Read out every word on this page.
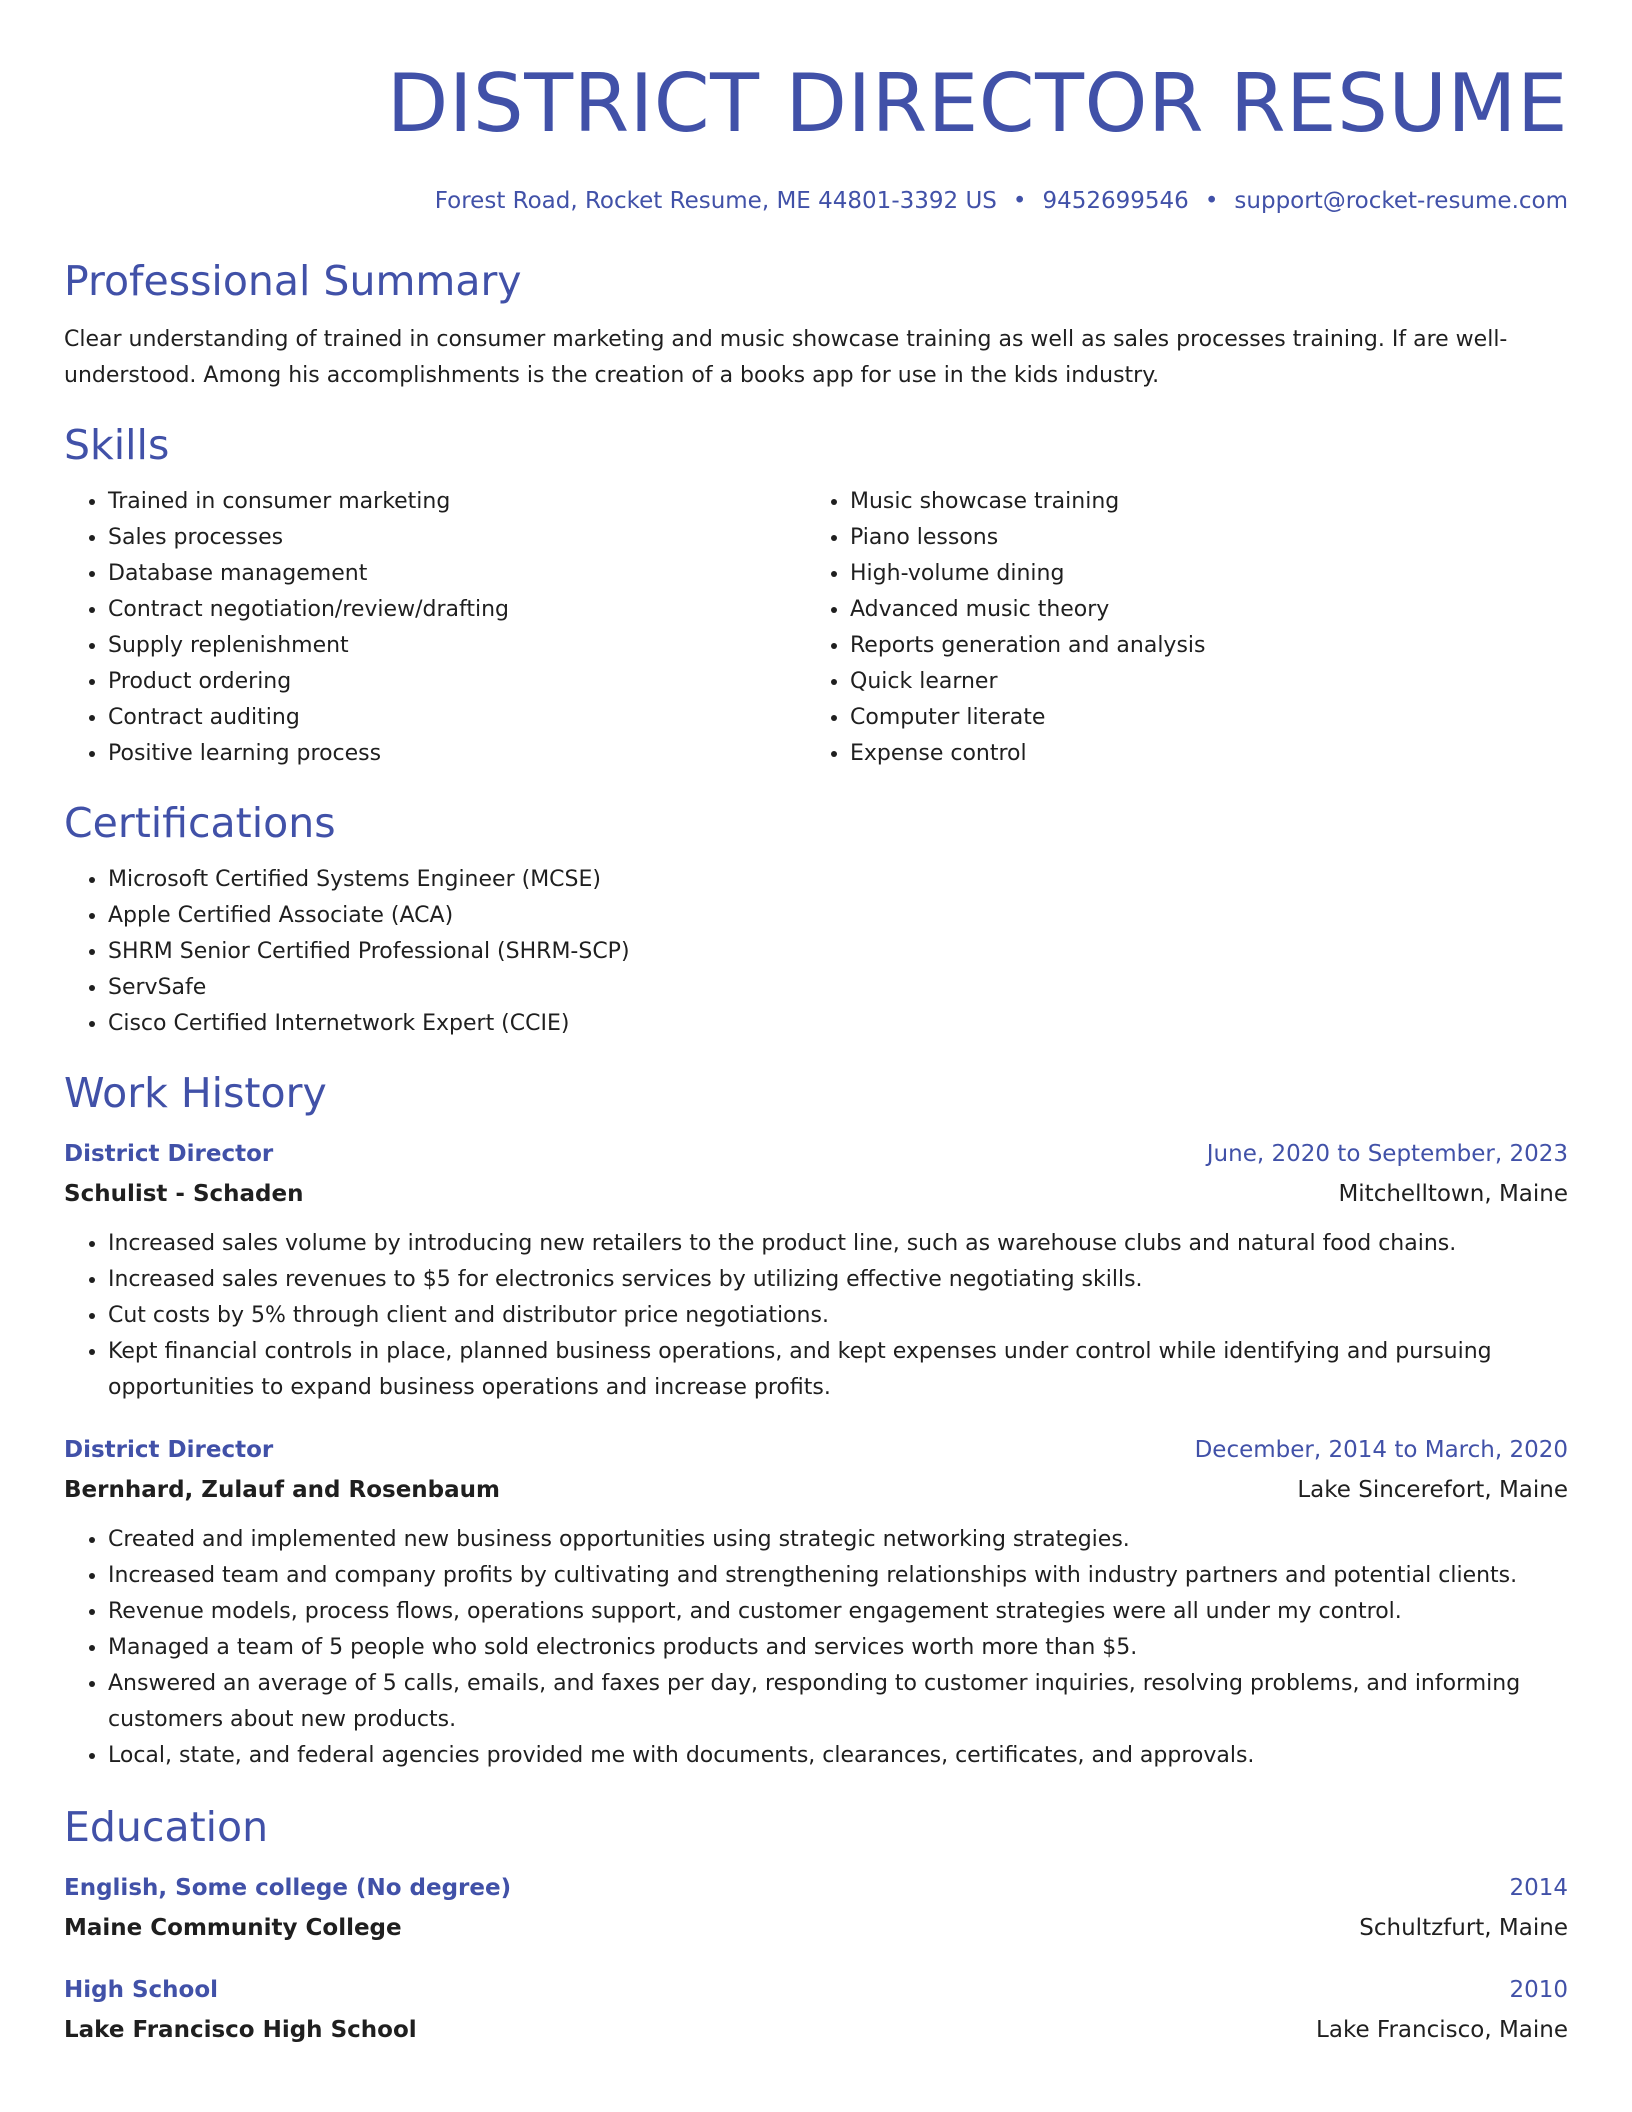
DISTRICT DIRECTOR RESUME
Forest Road, Rocket Resume, ME 44801-3392 US • 9452699546 • support@rocket-resume.com
Professional Summary

Clear understanding of trained in consumer marketing and music showcase training as well as sales processes training. If are well-understood. Among his accomplishments is the creation of a books app for use in the kids industry.

Skills
• Trained in consumer marketing
• Sales processes
• Database management
• Contract negotiation/review/drafting
• Supply replenishment
• Product ordering
• Contract auditing
• Positive learning process
• Music showcase training
• Piano lessons
• High-volume dining
• Advanced music theory
• Reports generation and analysis
• Quick learner
• Computer literate
• Expense control
Certifications
• Microsoft Certified Systems Engineer (MCSE)
• Apple Certified Associate (ACA)
• SHRM Senior Certified Professional (SHRM-SCP)
• ServSafe
• Cisco Certified Internetwork Expert (CCIE)
Work History
District Director	June, 2020 to September, 2023
Schulist - Schaden	Mitchelltown, Maine
• Increased sales volume by introducing new retailers to the product line, such as warehouse clubs and natural food chains.
• Increased sales revenues to $5 for electronics services by utilizing effective negotiating skills.
• Cut costs by 5% through client and distributor price negotiations.
• Kept financial controls in place, planned business operations, and kept expenses under control while identifying and pursuing opportunities to expand business operations and increase profits.
District Director	December, 2014 to March, 2020
Bernhard, Zulauf and Rosenbaum	Lake Sincerefort, Maine
• Created and implemented new business opportunities using strategic networking strategies.
• Increased team and company profits by cultivating and strengthening relationships with industry partners and potential clients.
• Revenue models, process flows, operations support, and customer engagement strategies were all under my control.
• Managed a team of 5 people who sold electronics products and services worth more than $5.
• Answered an average of 5 calls, emails, and faxes per day, responding to customer inquiries, resolving problems, and informing customers about new products.
• Local, state, and federal agencies provided me with documents, clearances, certificates, and approvals.
Education
English, Some college (No degree)	2014
Maine Community College	Schultzfurt, Maine
High School	2010
Lake Francisco High School	Lake Francisco, Maine
